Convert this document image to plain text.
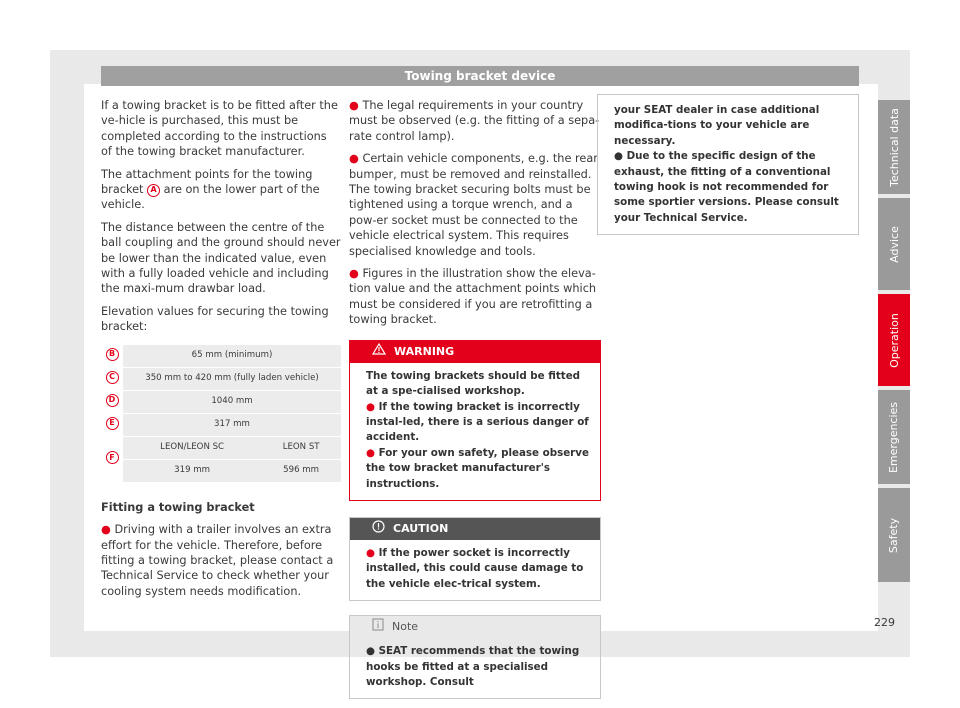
Towing bracket device

If a towing bracket is to be fitted after the ve-hicle is purchased, this must be completed according to the instructions of the towing bracket manufacturer.

The attachment points for the towing bracket A are on the lower part of the vehicle.

The distance between the centre of the ball coupling and the ground should never be lower than the indicated value, even with a fully loaded vehicle and including the maxi-mum drawbar load.

Elevation values for securing the towing bracket:

B	65 mm (minimum)	

C	350 mm to 420 mm (fully laden vehicle)	

D	1040 mm	

E	317 mm	

F	LEON/LEON SC	LEON ST

	319 mm	596 mm

Fitting a towing bracket

● Driving with a trailer involves an extra effort for the vehicle. Therefore, before fitting a towing bracket, please contact a Technical Service to check whether your cooling system needs modification.

● The legal requirements in your country must be observed (e.g. the fitting of a sepa-rate control lamp).

● Certain vehicle components, e.g. the rear bumper, must be removed and reinstalled. The towing bracket securing bolts must be tightened using a torque wrench, and a pow-er socket must be connected to the vehicle electrical system. This requires specialised knowledge and tools.

● Figures in the illustration show the eleva-tion value and the attachment points which must be considered if you are retrofitting a towing bracket.

WARNING

The towing brackets should be fitted at a spe-cialised workshop.

● If the towing bracket is incorrectly instal-led, there is a serious danger of accident.

● For your own safety, please observe the tow bracket manufacturer's instructions.

CAUTION

● If the power socket is incorrectly installed, this could cause damage to the vehicle elec-trical system.

Note

● SEAT recommends that the towing hooks be fitted at a specialised workshop. Consult

your SEAT dealer in case additional modifica-tions to your vehicle are necessary.

● Due to the specific design of the exhaust, the fitting of a conventional towing hook is not recommended for some sportier versions. Please consult your Technical Service.

Technical data
Advice
Operation
Emergencies
Safety
229
